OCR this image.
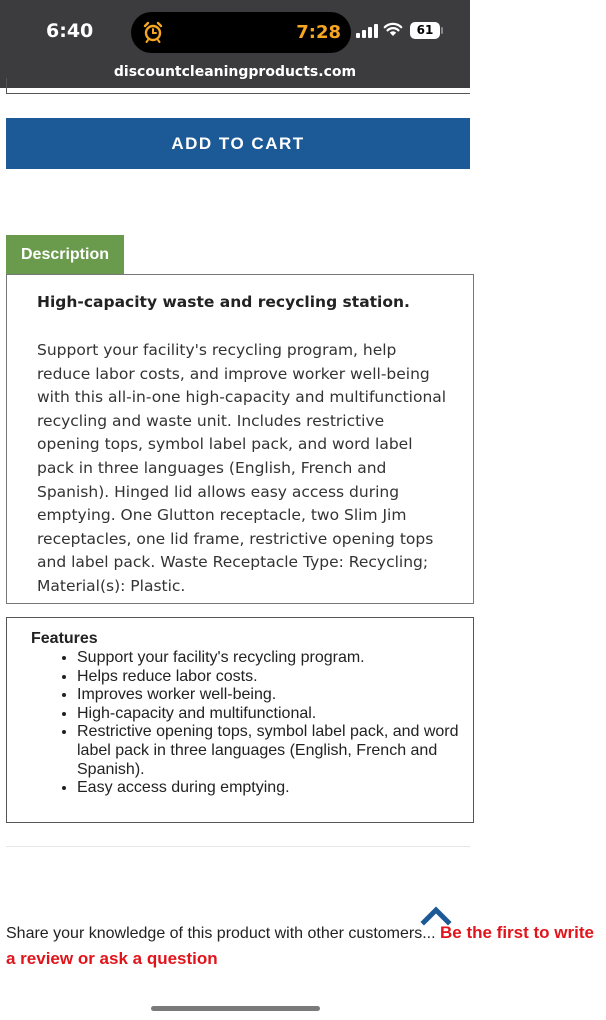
6:40	7:28	61
discountcleaningproducts.com
ADD TO CART
Description
High-capacity waste and recycling station.

Support your facility's recycling program, help reduce labor costs, and improve worker well-being with this all-in-one high-capacity and multifunctional recycling and waste unit. Includes restrictive opening tops, symbol label pack, and word label pack in three languages (English, French and Spanish). Hinged lid allows easy access during emptying. One Glutton receptacle, two Slim Jim receptacles, one lid frame, restrictive opening tops and label pack. Waste Receptacle Type: Recycling; Material(s): Plastic.

Features
• Support your facility's recycling program.
• Helps reduce labor costs.
• Improves worker well-being.
• High-capacity and multifunctional.
• Restrictive opening tops, symbol label pack, and word label pack in three languages (English, French and Spanish).
• Easy access during emptying.
Share your knowledge of this product with other customers... Be the first to write a review or ask a question
